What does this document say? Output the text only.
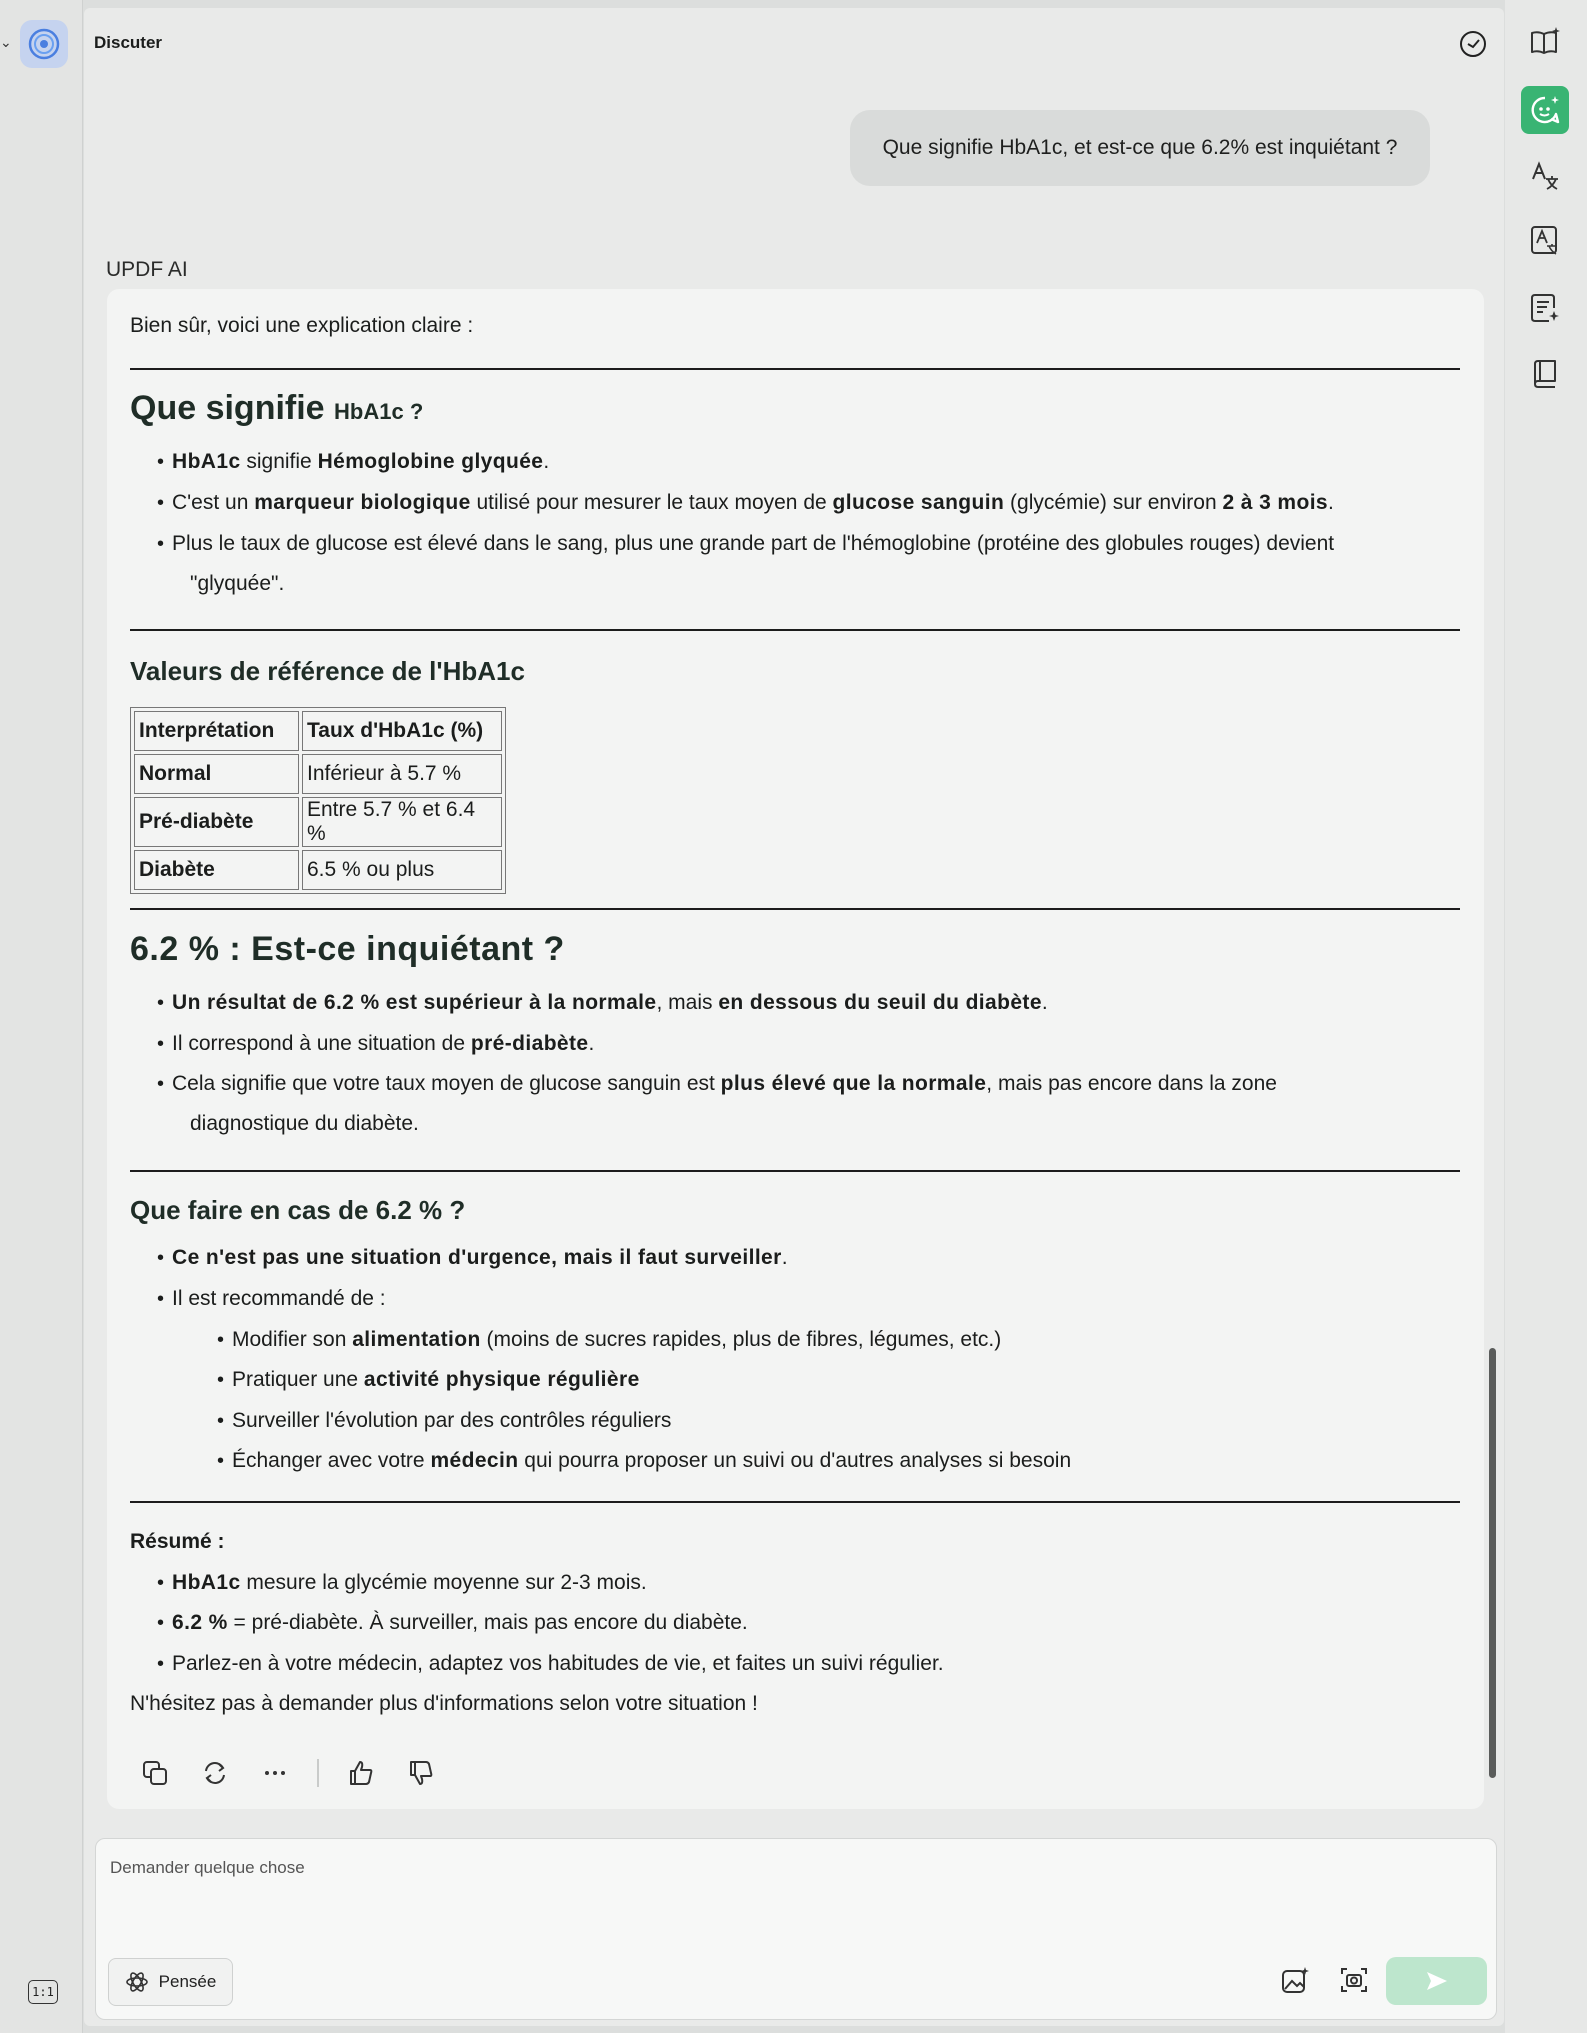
⌄
1:1
Discuter
Que signifie HbA1c, et est-ce que 6.2% est inquiétant ?
UPDF AI

Bien sûr, voici une explication claire :

Que signifie HbA1c ?
• HbA1c signifie Hémoglobine glyquée.
• C'est un marqueur biologique utilisé pour mesurer le taux moyen de glucose sanguin (glycémie) sur environ 2 à 3 mois.
• Plus le taux de glucose est élevé dans le sang, plus une grande part de l'hémoglobine (protéine des globules rouges) devient
"glyquée".
Valeurs de référence de l'HbA1c
Interprétation	Taux d'HbA1c (%)
Normal	Inférieur à 5.7 %
Pré-diabète	Entre 5.7 % et 6.4 %
Diabète	6.5 % ou plus
6.2 % : Est-ce inquiétant ?
• Un résultat de 6.2 % est supérieur à la normale, mais en dessous du seuil du diabète.
• Il correspond à une situation de pré-diabète.
• Cela signifie que votre taux moyen de glucose sanguin est plus élevé que la normale, mais pas encore dans la zone
diagnostique du diabète.
Que faire en cas de 6.2 % ?
• Ce n'est pas une situation d'urgence, mais il faut surveiller.
• Il est recommandé de :
• Modifier son alimentation (moins de sucres rapides, plus de fibres, légumes, etc.)
• Pratiquer une activité physique régulière
• Surveiller l'évolution par des contrôles réguliers
• Échanger avec votre médecin qui pourra proposer un suivi ou d'autres analyses si besoin
Résumé :
• HbA1c mesure la glycémie moyenne sur 2-3 mois.
• 6.2 % = pré-diabète. À surveiller, mais pas encore du diabète.
• Parlez-en à votre médecin, adaptez vos habitudes de vie, et faites un suivi régulier.
N'hésitez pas à demander plus d'informations selon votre situation !
Demander quelque chose
Pensée
